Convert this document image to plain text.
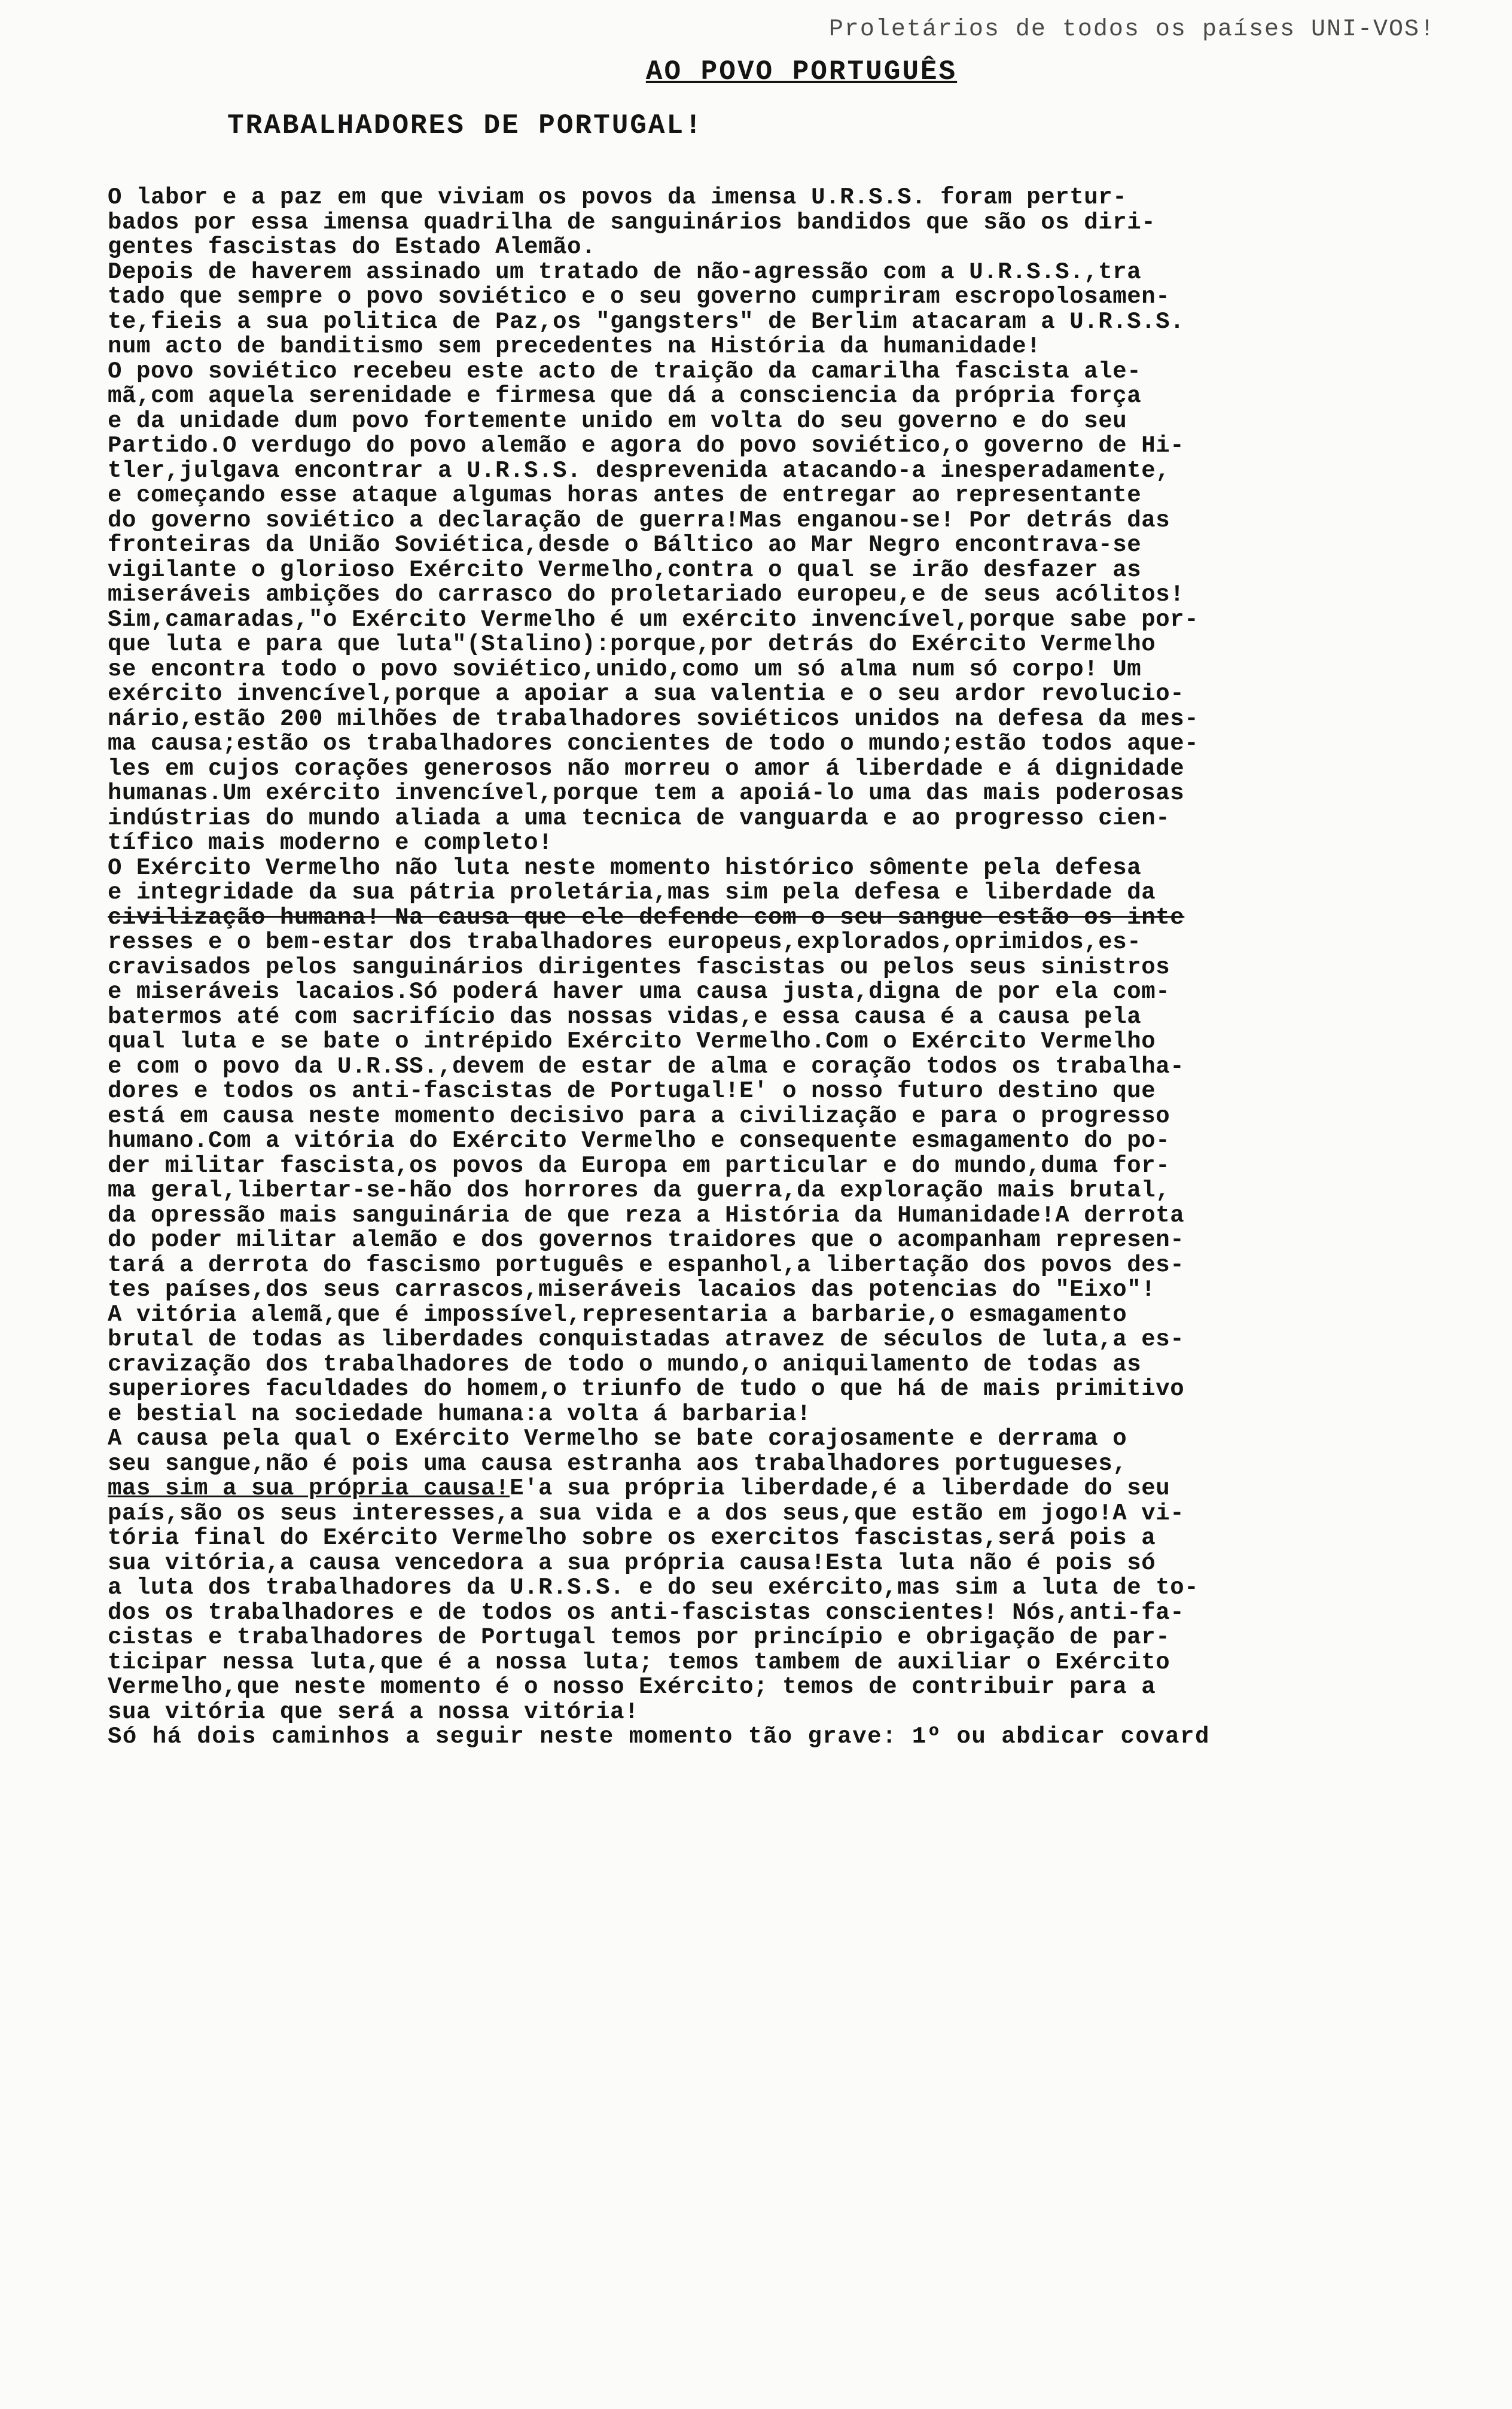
Proletários de todos os países UNI-VOS!
AO POVO PORTUGUÊS
TRABALHADORES DE PORTUGAL!
O labor e a paz em que viviam os povos da imensa U.R.S.S. foram pertur-
bados por essa imensa quadrilha de sanguinários bandidos que são os diri-
gentes fascistas do Estado Alemão.
Depois de haverem assinado um tratado de não-agressão com a U.R.S.S.,tra
tado que sempre o povo soviético e o seu governo cumpriram escropolosamen-
te,fieis a sua politica de Paz,os "gangsters" de Berlim atacaram a U.R.S.S.
num acto de banditismo sem precedentes na História da humanidade!
O povo soviético recebeu este acto de traição da camarilha fascista ale-
mã,com aquela serenidade e firmesa que dá a consciencia da própria força
e da unidade dum povo fortemente unido em volta do seu governo e do seu
Partido.O verdugo do povo alemão e agora do povo soviético,o governo de Hi-
tler,julgava encontrar a U.R.S.S. desprevenida atacando-a inesperadamente,
e começando esse ataque algumas horas antes de entregar ao representante
do governo soviético a declaração de guerra!Mas enganou-se! Por detrás das
fronteiras da União Soviética,desde o Báltico ao Mar Negro encontrava-se
vigilante o glorioso Exército Vermelho,contra o qual se irão desfazer as
miseráveis ambições do carrasco do proletariado europeu,e de seus acólitos!
Sim,camaradas,"o Exército Vermelho é um exército invencível,porque sabe por-
que luta e para que luta"(Stalino):porque,por detrás do Exército Vermelho
se encontra todo o povo soviético,unido,como um só alma num só corpo! Um
exército invencível,porque a apoiar a sua valentia e o seu ardor revolucio-
nário,estão 200 milhões de trabalhadores soviéticos unidos na defesa da mes-
ma causa;estão os trabalhadores concientes de todo o mundo;estão todos aque-
les em cujos corações generosos não morreu o amor á liberdade e á dignidade
humanas.Um exército invencível,porque tem a apoiá-lo uma das mais poderosas
indústrias do mundo aliada a uma tecnica de vanguarda e ao progresso cien-
tífico mais moderno e completo!
O Exército Vermelho não luta neste momento histórico sômente pela defesa
e integridade da sua pátria proletária,mas sim pela defesa e liberdade da
civilização humana! Na causa que ele defende com o seu sangue estão os inte
resses e o bem-estar dos trabalhadores europeus,explorados,oprimidos,es-
cravisados pelos sanguinários dirigentes fascistas ou pelos seus sinistros
e miseráveis lacaios.Só poderá haver uma causa justa,digna de por ela com-
batermos até com sacrifício das nossas vidas,e essa causa é a causa pela
qual luta e se bate o intrépido Exército Vermelho.Com o Exército Vermelho
e com o povo da U.R.SS.,devem de estar de alma e coração todos os trabalha-
dores e todos os anti-fascistas de Portugal!E' o nosso futuro destino que
está em causa neste momento decisivo para a civilização e para o progresso
humano.Com a vitória do Exército Vermelho e consequente esmagamento do po-
der militar fascista,os povos da Europa em particular e do mundo,duma for-
ma geral,libertar-se-hão dos horrores da guerra,da exploração mais brutal,
da opressão mais sanguinária de que reza a História da Humanidade!A derrota
do poder militar alemão e dos governos traidores que o acompanham represen-
tará a derrota do fascismo português e espanhol,a libertação dos povos des-
tes países,dos seus carrascos,miseráveis lacaios das potencias do "Eixo"!
A vitória alemã,que é impossível,representaria a barbarie,o esmagamento
brutal de todas as liberdades conquistadas atravez de séculos de luta,a es-
cravização dos trabalhadores de todo o mundo,o aniquilamento de todas as
superiores faculdades do homem,o triunfo de tudo o que há de mais primitivo
e bestial na sociedade humana:a volta á barbaria!
A causa pela qual o Exército Vermelho se bate corajosamente e derrama o
seu sangue,não é pois uma causa estranha aos trabalhadores portugueses,
mas sim a sua própria causa!E'a sua própria liberdade,é a liberdade do seu
país,são os seus interesses,a sua vida e a dos seus,que estão em jogo!A vi-
tória final do Exército Vermelho sobre os exercitos fascistas,será pois a
sua vitória,a causa vencedora a sua própria causa!Esta luta não é pois só
a luta dos trabalhadores da U.R.S.S. e do seu exército,mas sim a luta de to-
dos os trabalhadores e de todos os anti-fascistas conscientes! Nós,anti-fa-
cistas e trabalhadores de Portugal temos por princípio e obrigação de par-
ticipar nessa luta,que é a nossa luta; temos tambem de auxiliar o Exército
Vermelho,que neste momento é o nosso Exército; temos de contribuir para a
sua vitória que será a nossa vitória!
Só há dois caminhos a seguir neste momento tão grave: 1º ou abdicar covard
